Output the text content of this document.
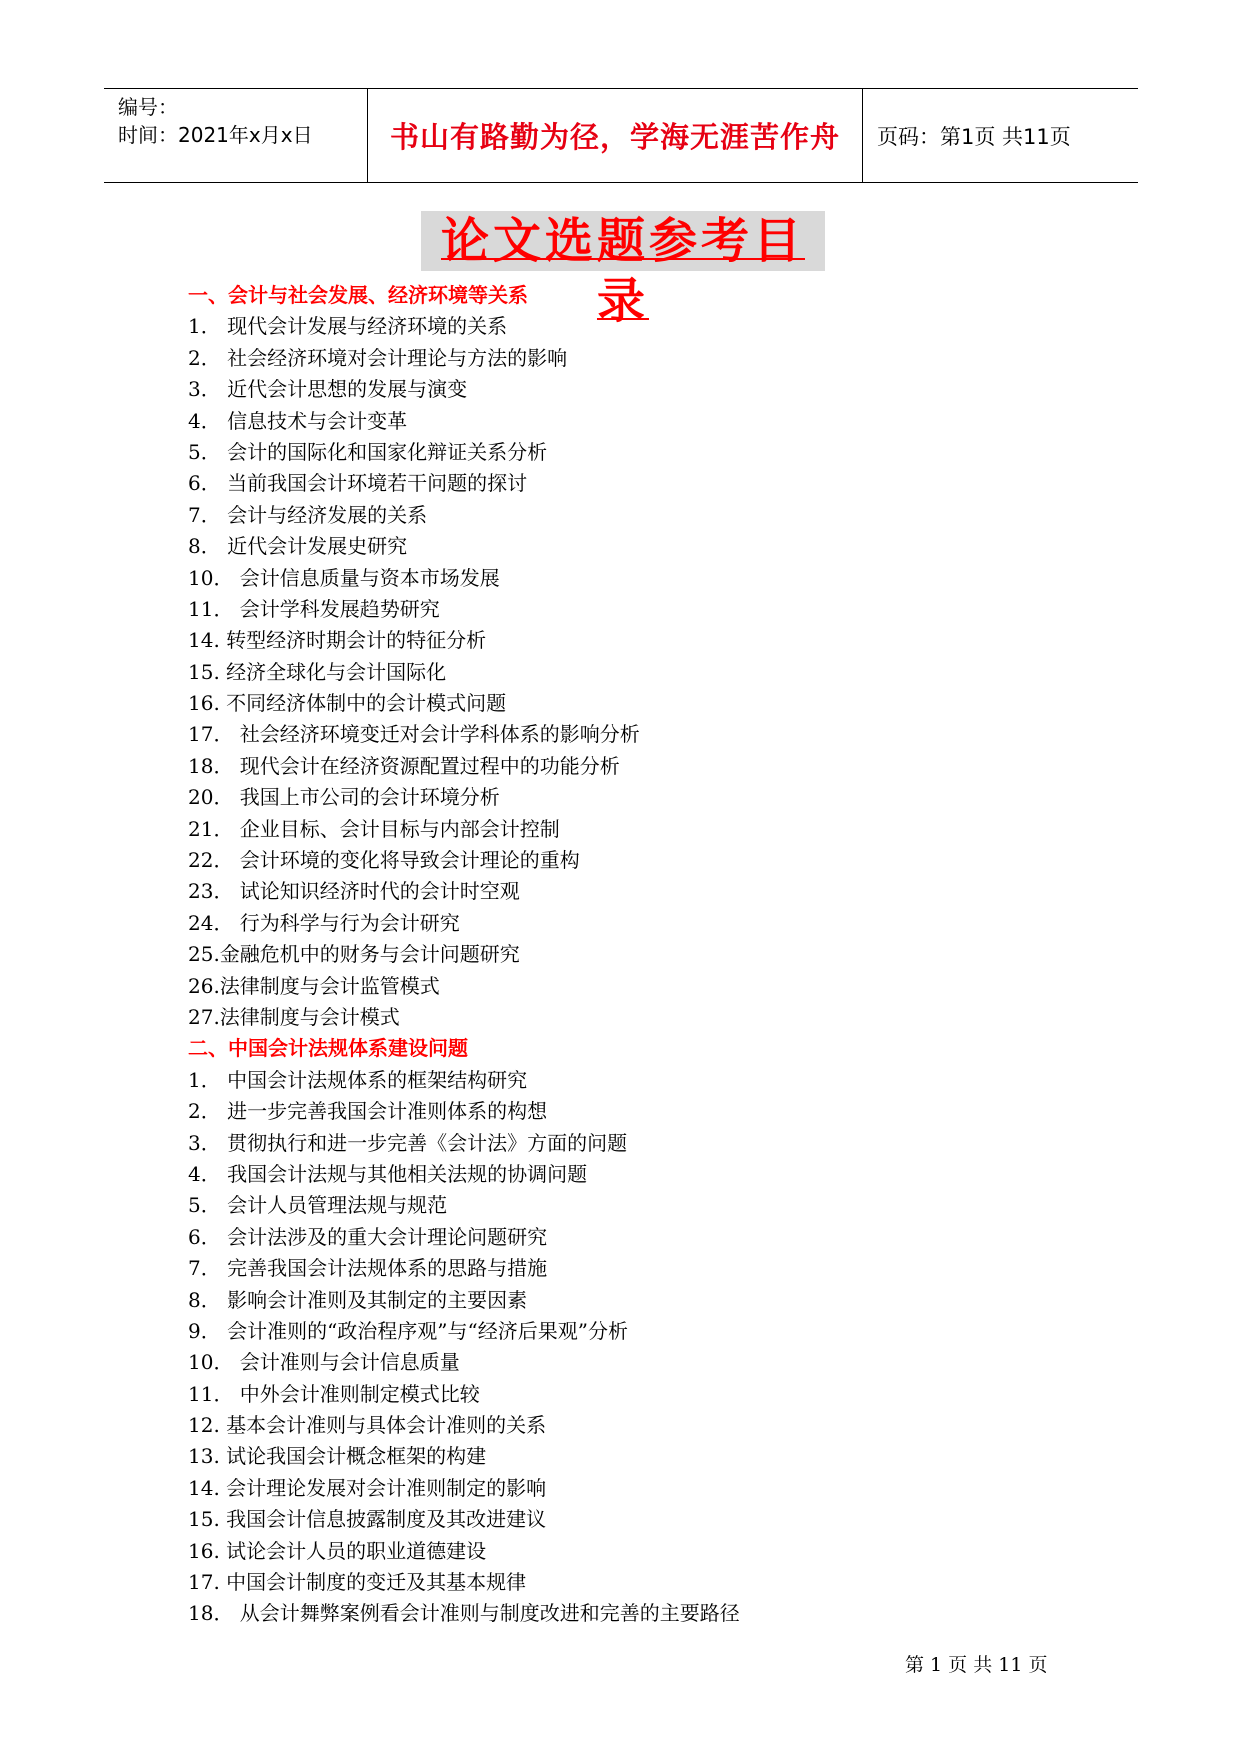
编号：
时间：2021年x月x日	书山有路勤为径，学海无涯苦作舟 页码：第1页 共11页
论文选题参考目录
一、会计与社会发展、经济环境等关系
1． 现代会计发展与经济环境的关系
2． 社会经济环境对会计理论与方法的影响
3． 近代会计思想的发展与演变
4． 信息技术与会计变革
5． 会计的国际化和国家化辩证关系分析
6． 当前我国会计环境若干问题的探讨
7． 会计与经济发展的关系
8． 近代会计发展史研究
10． 会计信息质量与资本市场发展
11． 会计学科发展趋势研究
14. 转型经济时期会计的特征分析
15. 经济全球化与会计国际化
16. 不同经济体制中的会计模式问题
17． 社会经济环境变迁对会计学科体系的影响分析
18． 现代会计在经济资源配置过程中的功能分析
20． 我国上市公司的会计环境分析
21． 企业目标、会计目标与内部会计控制
22． 会计环境的变化将导致会计理论的重构
23． 试论知识经济时代的会计时空观
24． 行为科学与行为会计研究
25.金融危机中的财务与会计问题研究
26.法律制度与会计监管模式
27.法律制度与会计模式
二、中国会计法规体系建设问题
1． 中国会计法规体系的框架结构研究
2． 进一步完善我国会计准则体系的构想
3． 贯彻执行和进一步完善《会计法》方面的问题
4． 我国会计法规与其他相关法规的协调问题
5． 会计人员管理法规与规范
6． 会计法涉及的重大会计理论问题研究
7． 完善我国会计法规体系的思路与措施
8． 影响会计准则及其制定的主要因素
9． 会计准则的“政治程序观”与“经济后果观”分析
10． 会计准则与会计信息质量
11． 中外会计准则制定模式比较
12. 基本会计准则与具体会计准则的关系
13. 试论我国会计概念框架的构建
14. 会计理论发展对会计准则制定的影响
15. 我国会计信息披露制度及其改进建议
16. 试论会计人员的职业道德建设
17. 中国会计制度的变迁及其基本规律
18． 从会计舞弊案例看会计准则与制度改进和完善的主要路径
第 1 页 共 11 页
